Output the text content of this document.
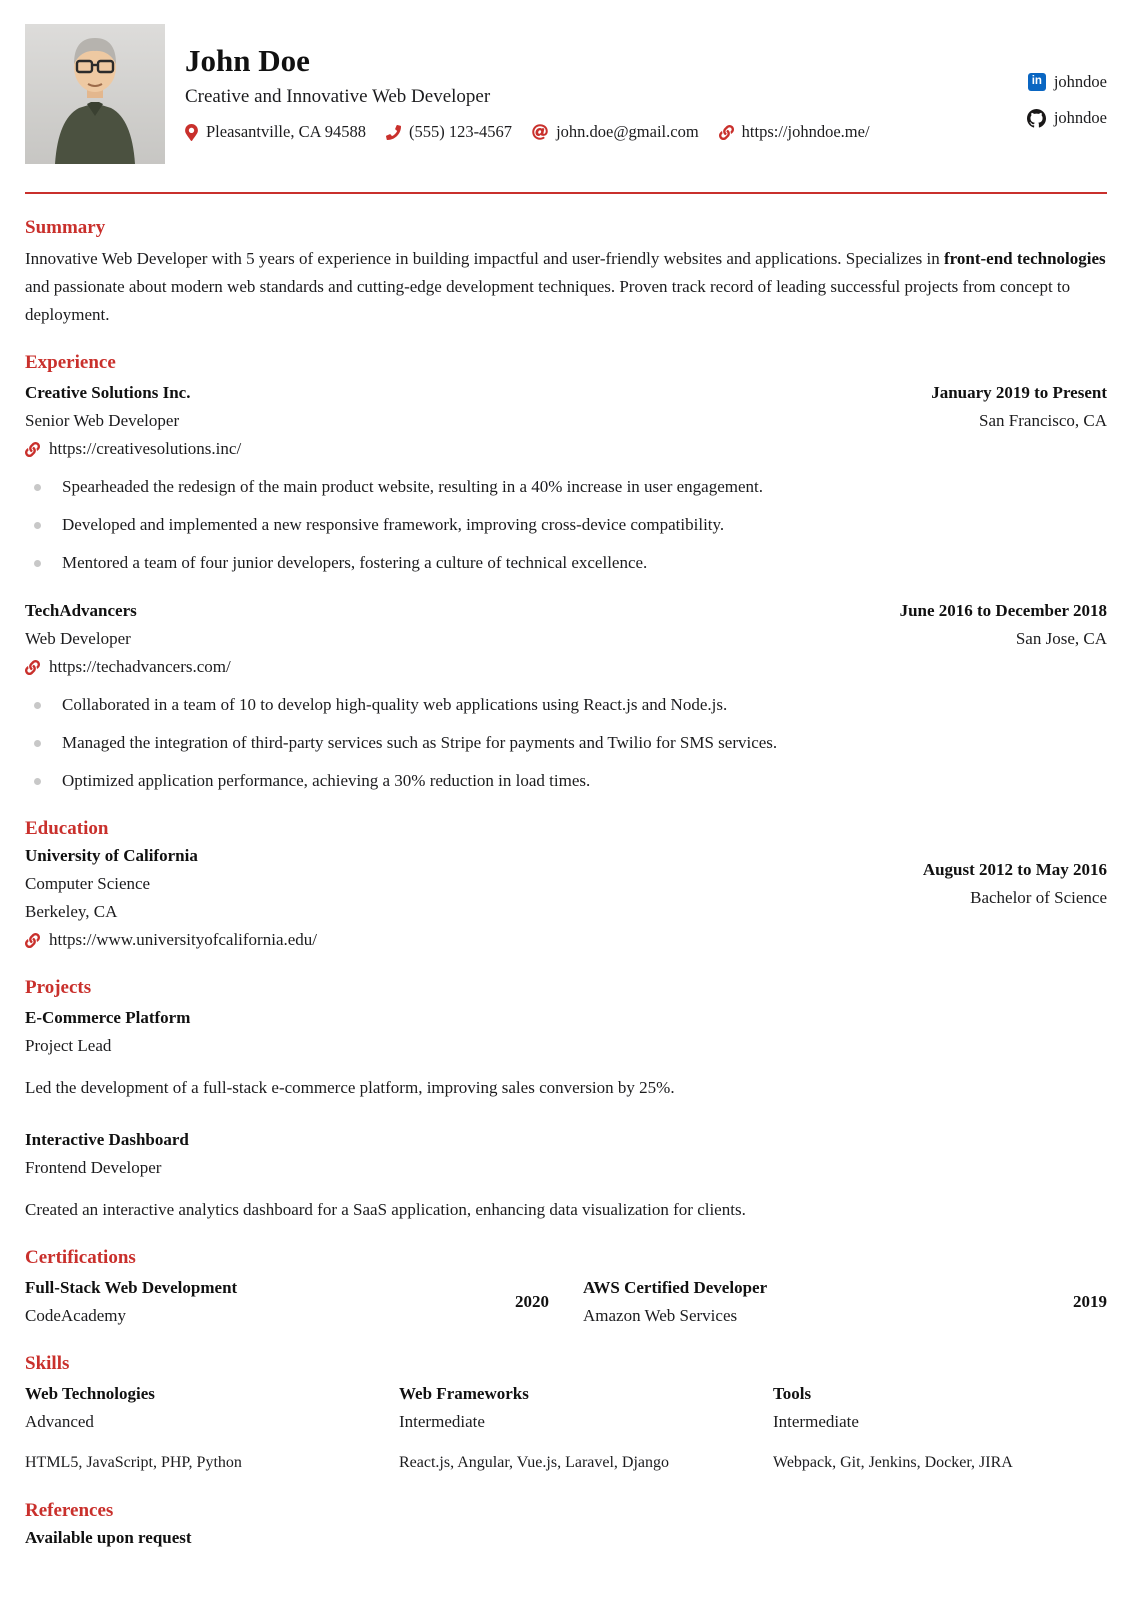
John Doe
Creative and Innovative Web Developer
Pleasantville, CA 94588	(555) 123-4567	john.doe@gmail.com	https://johndoe.me/
in johndoe
johndoe
Summary

Innovative Web Developer with 5 years of experience in building impactful and user-friendly websites and applications. Specializes in front-end technologies and passionate about modern web standards and cutting-edge development techniques. Proven track record of leading successful projects from concept to deployment.

Experience
Creative Solutions Inc.	January 2019 to Present
Senior Web Developer	San Francisco, CA
https://creativesolutions.inc/
Spearheaded the redesign of the main product website, resulting in a 40% increase in user engagement.
Developed and implemented a new responsive framework, improving cross-device compatibility.
Mentored a team of four junior developers, fostering a culture of technical excellence.
TechAdvancers	June 2016 to December 2018
Web Developer	San Jose, CA
https://techadvancers.com/
Collaborated in a team of 10 to develop high-quality web applications using React.js and Node.js.
Managed the integration of third-party services such as Stripe for payments and Twilio for SMS services.
Optimized application performance, achieving a 30% reduction in load times.
Education
University of California
Computer Science
Berkeley, CA
August 2012 to May 2016
Bachelor of Science
https://www.universityofcalifornia.edu/
Projects
E-Commerce Platform
Project Lead
Led the development of a full-stack e-commerce platform, improving sales conversion by 25%.
Interactive Dashboard
Frontend Developer
Created an interactive analytics dashboard for a SaaS application, enhancing data visualization for clients.
Certifications
Full-Stack Web Development
CodeAcademy
2020
AWS Certified Developer
Amazon Web Services
2019
Skills
Web Technologies
Advanced
HTML5, JavaScript, PHP, Python
Web Frameworks
Intermediate
React.js, Angular, Vue.js, Laravel, Django
Tools
Intermediate
Webpack, Git, Jenkins, Docker, JIRA
References
Available upon request
